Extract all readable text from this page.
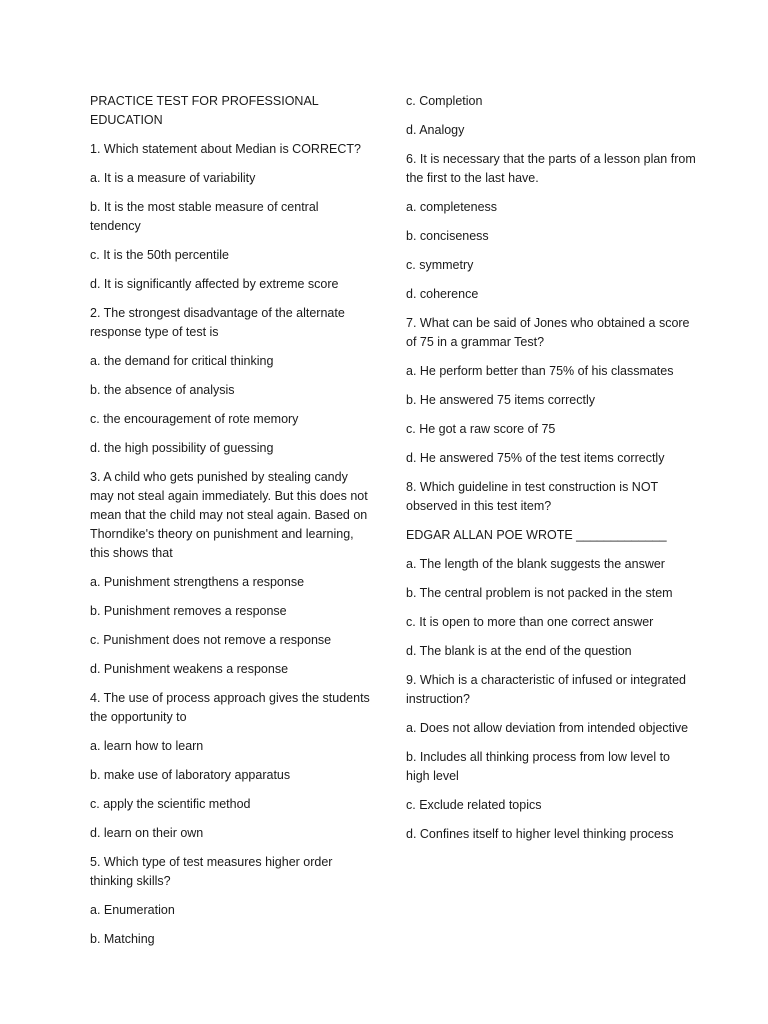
PRACTICE TEST FOR PROFESSIONAL EDUCATION

1. Which statement about Median is CORRECT?

a. It is a measure of variability

b. It is the most stable measure of central tendency

c. It is the 50th percentile

d. It is significantly affected by extreme score

2. The strongest disadvantage of the alternate response type of test is

a. the demand for critical thinking

b. the absence of analysis

c. the encouragement of rote memory

d. the high possibility of guessing

3. A child who gets punished by stealing candy may not steal again immediately. But this does not mean that the child may not steal again. Based on Thorndike's theory on punishment and learning, this shows that

a. Punishment strengthens a response

b. Punishment removes a response

c. Punishment does not remove a response

d. Punishment weakens a response

4. The use of process approach gives the students the opportunity to

a. learn how to learn

b. make use of laboratory apparatus

c. apply the scientific method

d. learn on their own

5. Which type of test measures higher order thinking skills?

a. Enumeration

b. Matching

c. Completion

d. Analogy

6. It is necessary that the parts of a lesson plan from the first to the last have.

a. completeness

b. conciseness

c. symmetry

d. coherence

7. What can be said of Jones who obtained a score of 75 in a grammar Test?

a. He perform better than 75% of his classmates

b. He answered 75 items correctly

c. He got a raw score of 75

d. He answered 75% of the test items correctly

8. Which guideline in test construction is NOT observed in this test item?

EDGAR ALLAN POE WROTE _____________

a. The length of the blank suggests the answer

b. The central problem is not packed in the stem

c. It is open to more than one correct answer

d. The blank is at the end of the question

9. Which is a characteristic of infused or integrated instruction?

a. Does not allow deviation from intended objective

b. Includes all thinking process from low level to high level

c. Exclude related topics

d. Confines itself to higher level thinking process
